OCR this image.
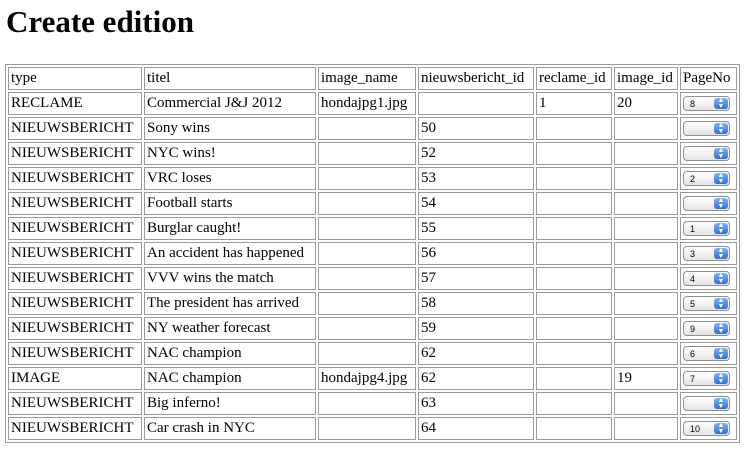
Create edition
type	titel	image_name	nieuwsbericht_id	reclame_id	image_id	PageNo
RECLAME	Commercial J&J 2012	hondajpg1.jpg		1	20	8 ▲
▼

NIEUWSBERICHT	Sony wins		50			▲
▼

NIEUWSBERICHT	NYC wins!		52			▲
▼

NIEUWSBERICHT	VRC loses		53			2 ▲
▼

NIEUWSBERICHT	Football starts		54			▲
▼

NIEUWSBERICHT	Burglar caught!		55			1 ▲
▼

NIEUWSBERICHT	An accident has happened		56			3 ▲
▼

NIEUWSBERICHT	VVV wins the match		57			4 ▲
▼

NIEUWSBERICHT	The president has arrived		58			5 ▲
▼

NIEUWSBERICHT	NY weather forecast		59			9 ▲
▼

NIEUWSBERICHT	NAC champion		62			6 ▲
▼

IMAGE	NAC champion	hondajpg4.jpg	62		19	7 ▲
▼

NIEUWSBERICHT	Big inferno!		63			▲
▼

NIEUWSBERICHT	Car crash in NYC		64			10 ▲
▼
